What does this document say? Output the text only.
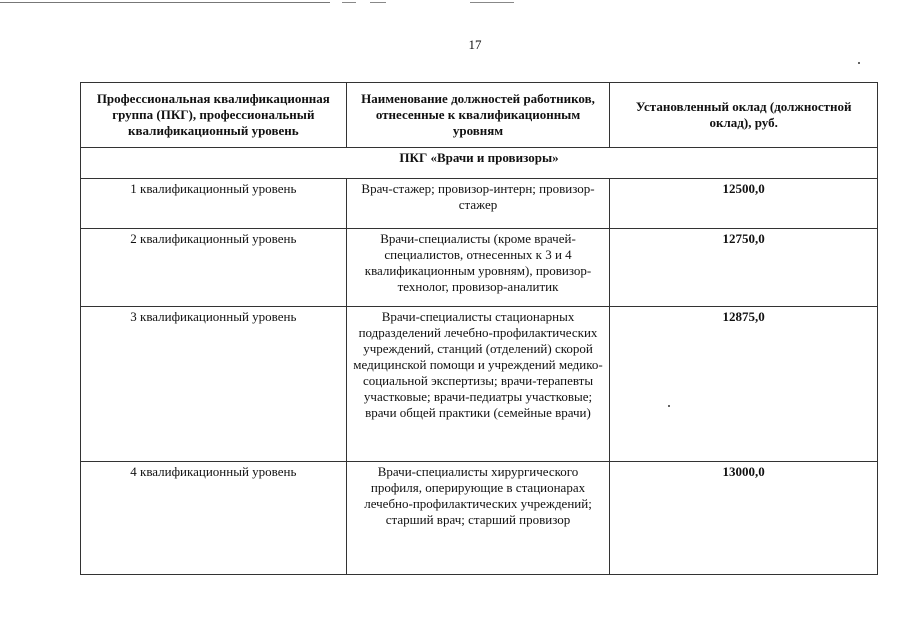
17
Профессиональная квалификационная группа (ПКГ), профессиональный квалификационный уровень	Наименование должностей работников, отнесенные к квалификационным уровням	Установленный оклад (должностной оклад), руб.
ПКГ «Врачи и провизоры»		
1 квалификационный уровень	Врач-стажер; провизор-интерн; провизор-стажер	12500,0
2 квалификационный уровень	Врачи-специалисты (кроме врачей-специалистов, отнесенных к 3 и 4 квалификационным уровням), провизор-технолог, провизор-аналитик	12750,0
3 квалификационный уровень	Врачи-специалисты стационарных подразделений лечебно-профилактических учреждений, станций (отделений) скорой медицинской помощи и учреждений медико-социальной экспертизы; врачи-терапевты участковые; врачи-педиатры участковые; врачи общей практики (семейные врачи)	12875,0
4 квалификационный уровень	Врачи-специалисты хирургического профиля, оперирующие в стационарах лечебно-профилактических учреждений; старший врач; старший провизор	13000,0
